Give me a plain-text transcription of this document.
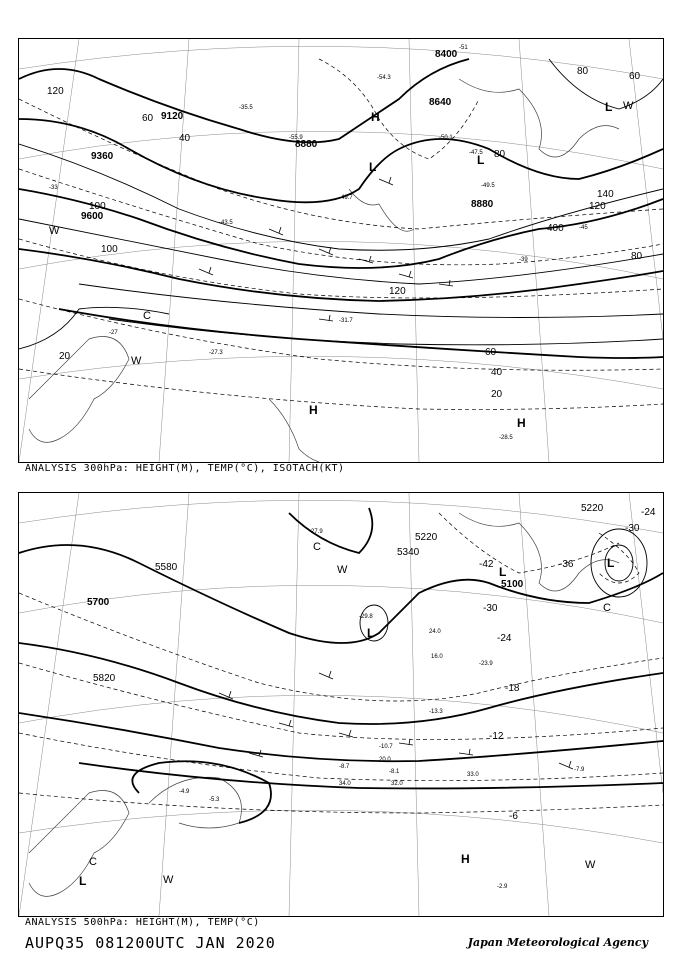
-51
-47.5
-54.3
-50.1
-49.5
-35.5
-27.3
-31.7
-28.5
-43.5
-39
-45
-33
-27
-55.9
-49.7
9120
9360
9600
8880
8640
8400
8880
120
100
80
60
40
20
140
120
400
80
60
40
20
100
120
80	60
H
L
L
L
H
H
C
W
W
W
ANALYSIS 300hPa: HEIGHT(M), TEMP(°C), ISOTACH(KT)
-23.9
-27.9
-29.8
-13.3
-10.7
-8.7
-8.1	-7.9
-5.3
-4.9
-2.9
24.0
32.0
34.0
33.0
16.0
20.0
5700
5820
5580
5340
5220
5220
5100
-42	-36
-30
-24
-18
-12
-6
-30
-24
L
L
L
C
C
H	W
W
C
L
W
ANALYSIS 500hPa: HEIGHT(M), TEMP(°C)
AUPQ35 081200UTC JAN 2020	Japan Meteorological Agency
